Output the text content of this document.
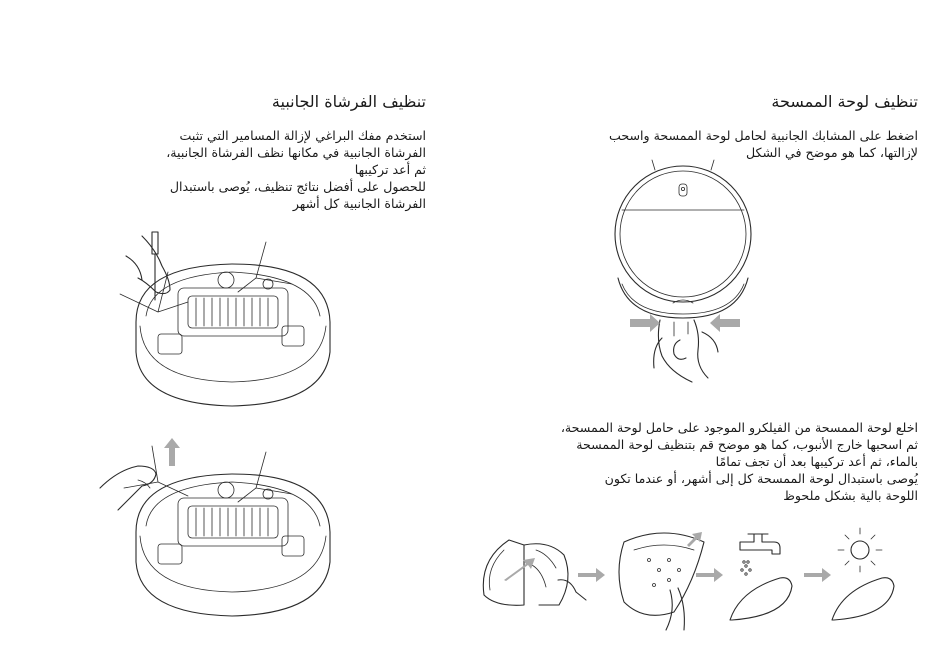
تنظيف لوحة الممسحة
اضغط على المشابك الجانبية لحامل لوحة الممسحة واسحب
لإزالتها، كما هو موضح في الشكل
اخلع لوحة الممسحة من الفيلكرو الموجود على حامل لوحة الممسحة،
ثم اسحبها خارج الأنبوب، كما هو موضح قم بتنظيف لوحة الممسحة
بالماء، ثم أعد تركيبها بعد أن تجف تمامًا
يُوصى باستبدال لوحة الممسحة كل إلى أشهر، أو عندما تكون
اللوحة بالية بشكل ملحوظ
تنظيف الفرشاة الجانبية
استخدم مفك البراغي لإزالة المسامير التي تثبت
الفرشاة الجانبية في مكانها نظف الفرشاة الجانبية،
ثم أعد تركيبها
للحصول على أفضل نتائج تنظيف، يُوصى باستبدال
الفرشاة الجانبية كل أشهر
